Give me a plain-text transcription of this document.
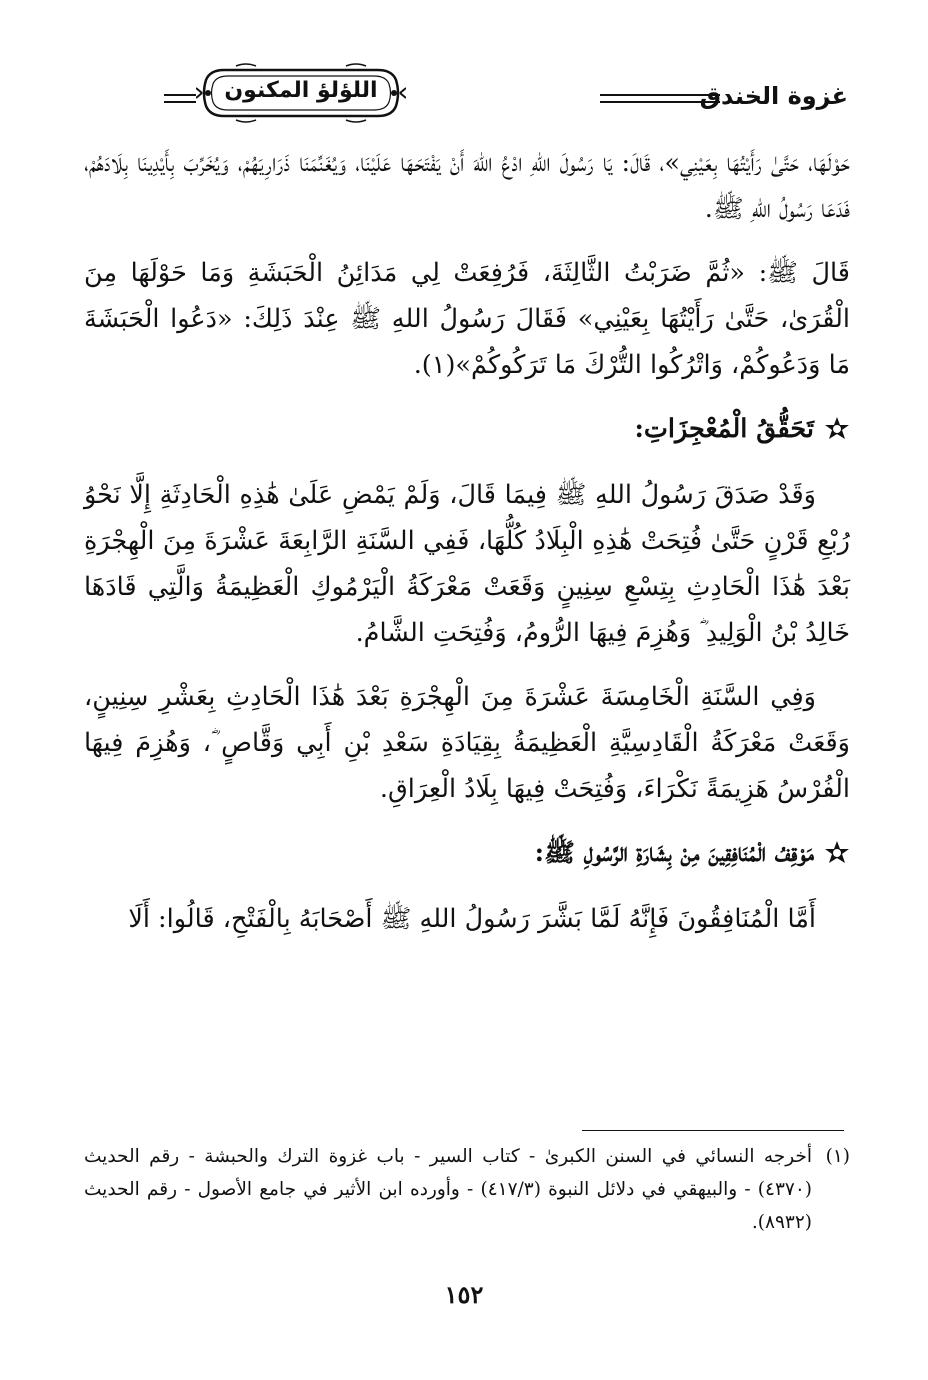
غزوة الخندق
اللؤلؤ المكنون

حَوْلَهَا، حَتَّىٰ رَأَيْتُهَا بِعَيْنِي»، قَالَ: يَا رَسُولَ اللهِ ادْعُ اللهَ أَنْ يَفْتَحَهَا عَلَيْنَا، وَيُغَنِّمَنَا ذَرَارِيَهُمْ، وَيُخَرِّبَ بِأَيْدِينَا بِلَادَهُمْ، فَدَعَا رَسُولُ اللهِ ﷺ.

قَالَ ﷺ: «ثُمَّ ضَرَبْتُ الثَّالِثَةَ، فَرُفِعَتْ لِي مَدَائِنُ الْحَبَشَةِ وَمَا حَوْلَهَا مِنَ الْقُرَىٰ، حَتَّىٰ رَأَيْتُهَا بِعَيْنِي» فَقَالَ رَسُولُ اللهِ ﷺ عِنْدَ ذَلِكَ: «دَعُوا الْحَبَشَةَ مَا وَدَعُوكُمْ، وَاتْرُكُوا التُّرْكَ مَا تَرَكُوكُمْ»(١).

تَحَقُّقُ الْمُعْجِزَاتِ:

وَقَدْ صَدَقَ رَسُولُ اللهِ ﷺ فِيمَا قَالَ، وَلَمْ يَمْضِ عَلَىٰ هَٰذِهِ الْحَادِثَةِ إِلَّا نَحْوُ رُبْعِ قَرْنٍ حَتَّىٰ فُتِحَتْ هَٰذِهِ الْبِلَادُ كُلُّهَا، فَفِي السَّنَةِ الرَّابِعَةَ عَشْرَةَ مِنَ الْهِجْرَةِ بَعْدَ هَٰذَا الْحَادِثِ بِتِسْعِ سِنِينٍ وَقَعَتْ مَعْرَكَةُ الْيَرْمُوكِ الْعَظِيمَةُ وَالَّتِي قَادَهَا خَالِدُ بْنُ الْوَلِيدِ ؓ وَهُزِمَ فِيهَا الرُّومُ، وَفُتِحَتِ الشَّامُ.

وَفِي السَّنَةِ الْخَامِسَةَ عَشْرَةَ مِنَ الْهِجْرَةِ بَعْدَ هَٰذَا الْحَادِثِ بِعَشْرِ سِنِينٍ، وَقَعَتْ مَعْرَكَةُ الْقَادِسِيَّةِ الْعَظِيمَةُ بِقِيَادَةِ سَعْدِ بْنِ أَبِي وَقَّاصٍ ؓ، وَهُزِمَ فِيهَا الْفُرْسُ هَزِيمَةً نَكْرَاءَ، وَفُتِحَتْ فِيهَا بِلَادُ الْعِرَاقِ.

مَوْقِفُ الْمُنَافِقِينَ مِنْ بِشَارَةِ الرَّسُولِ ﷺ:

أَمَّا الْمُنَافِقُونَ فَإِنَّهُ لَمَّا بَشَّرَ رَسُولُ اللهِ ﷺ أَصْحَابَهُ بِالْفَتْحِ، قَالُوا: أَلَا

(١)
أخرجه النسائي في السنن الكبرىٰ - كتاب السير - باب غزوة الترك والحبشة - رقم الحديث (٤٣٧٠) - والبيهقي في دلائل النبوة (٤١٧/٣) - وأورده ابن الأثير في جامع الأصول - رقم الحديث (٨٩٣٢).
١٥٢
